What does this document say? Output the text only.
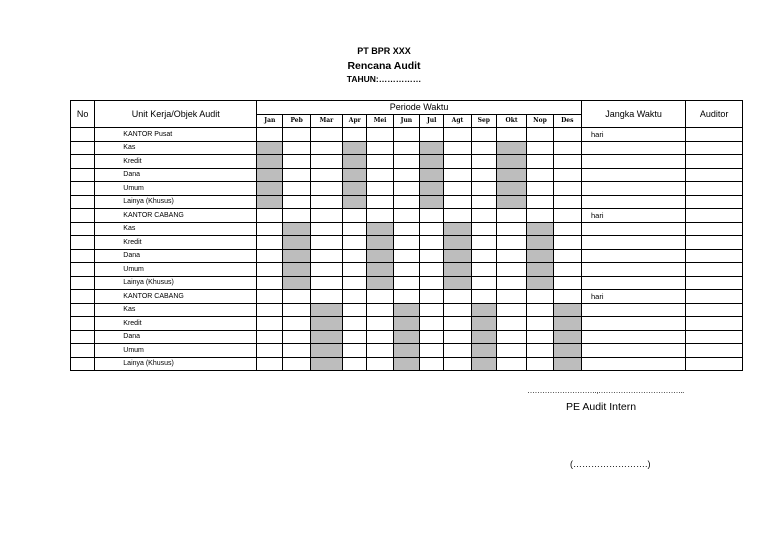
PT BPR XXX
Rencana Audit
TAHUN:……………
No	Unit Kerja/Objek Audit	Periode Waktu												Jangka Waktu	Auditor
		Jan	Peb	Mar	Apr	Mei	Jun	Jul	Agt	Sep	Okt	Nop	Des		
	KANTOR Pusat													hari	
	Kas														
	Kredit														
	Dana														
	Umum														
	Lainya (Khusus)														
	KANTOR CABANG													hari	
	Kas														
	Kredit														
	Dana														
	Umum														
	Lainya (Khusus)														
	KANTOR CABANG													hari	
	Kas														
	Kredit														
	Dana														
	Umum														
	Lainya (Khusus)														
……………………….,……………………………..
PE Audit Intern
(…………………….)
